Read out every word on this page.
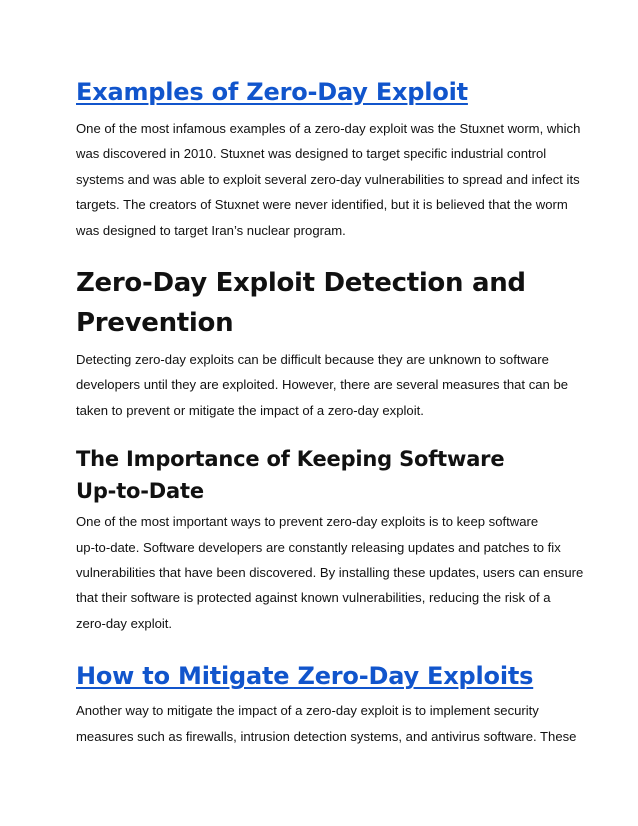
Examples of Zero-Day Exploit
One of the most infamous examples of a zero-day exploit was the Stuxnet worm, which
was discovered in 2010. Stuxnet was designed to target specific industrial control
systems and was able to exploit several zero-day vulnerabilities to spread and infect its
targets. The creators of Stuxnet were never identified, but it is believed that the worm
was designed to target Iran’s nuclear program.
Zero-Day Exploit Detection and
Prevention
Detecting zero-day exploits can be difficult because they are unknown to software
developers until they are exploited. However, there are several measures that can be
taken to prevent or mitigate the impact of a zero-day exploit.
The Importance of Keeping Software
Up-to-Date
One of the most important ways to prevent zero-day exploits is to keep software
up-to-date. Software developers are constantly releasing updates and patches to fix
vulnerabilities that have been discovered. By installing these updates, users can ensure
that their software is protected against known vulnerabilities, reducing the risk of a
zero-day exploit.
How to Mitigate Zero-Day Exploits
Another way to mitigate the impact of a zero-day exploit is to implement security
measures such as firewalls, intrusion detection systems, and antivirus software. These
